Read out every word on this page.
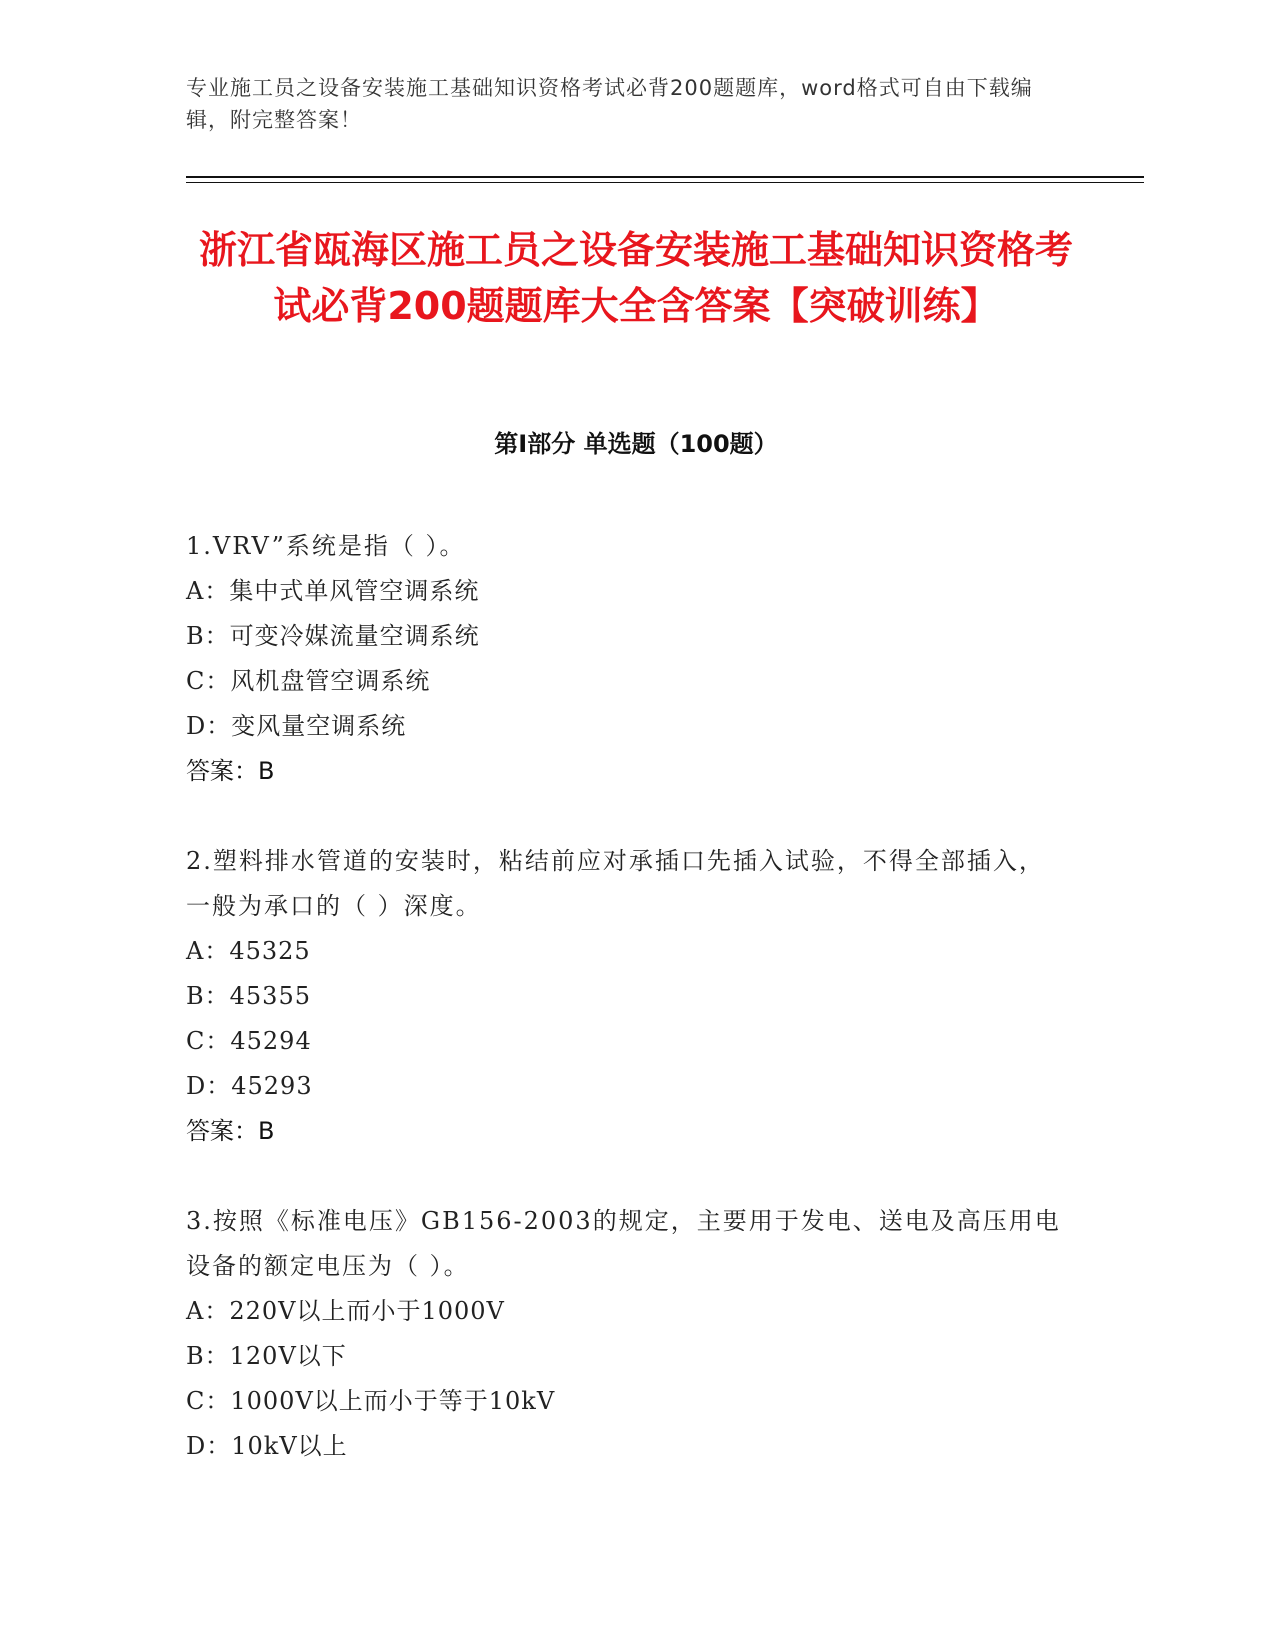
专业施工员之设备安装施工基础知识资格考试必背200题题库，word格式可自由下载编辑，附完整答案！
浙江省瓯海区施工员之设备安装施工基础知识资格考试必背200题题库大全含答案【突破训练】
第I部分 单选题（100题）
1.VRV”系统是指（ ）。
A：集中式单风管空调系统
B：可变冷媒流量空调系统
C：风机盘管空调系统
D：变风量空调系统
答案：B
2.塑料排水管道的安装时，粘结前应对承插口先插入试验，不得全部插入，一般为承口的（ ）深度。
A：45325
B：45355
C：45294
D：45293
答案：B
3.按照《标准电压》GB156-2003的规定，主要用于发电、送电及高压用电设备的额定电压为（ ）。
A：220V以上而小于1000V
B：120V以下
C：1000V以上而小于等于10kV
D：10kV以上
